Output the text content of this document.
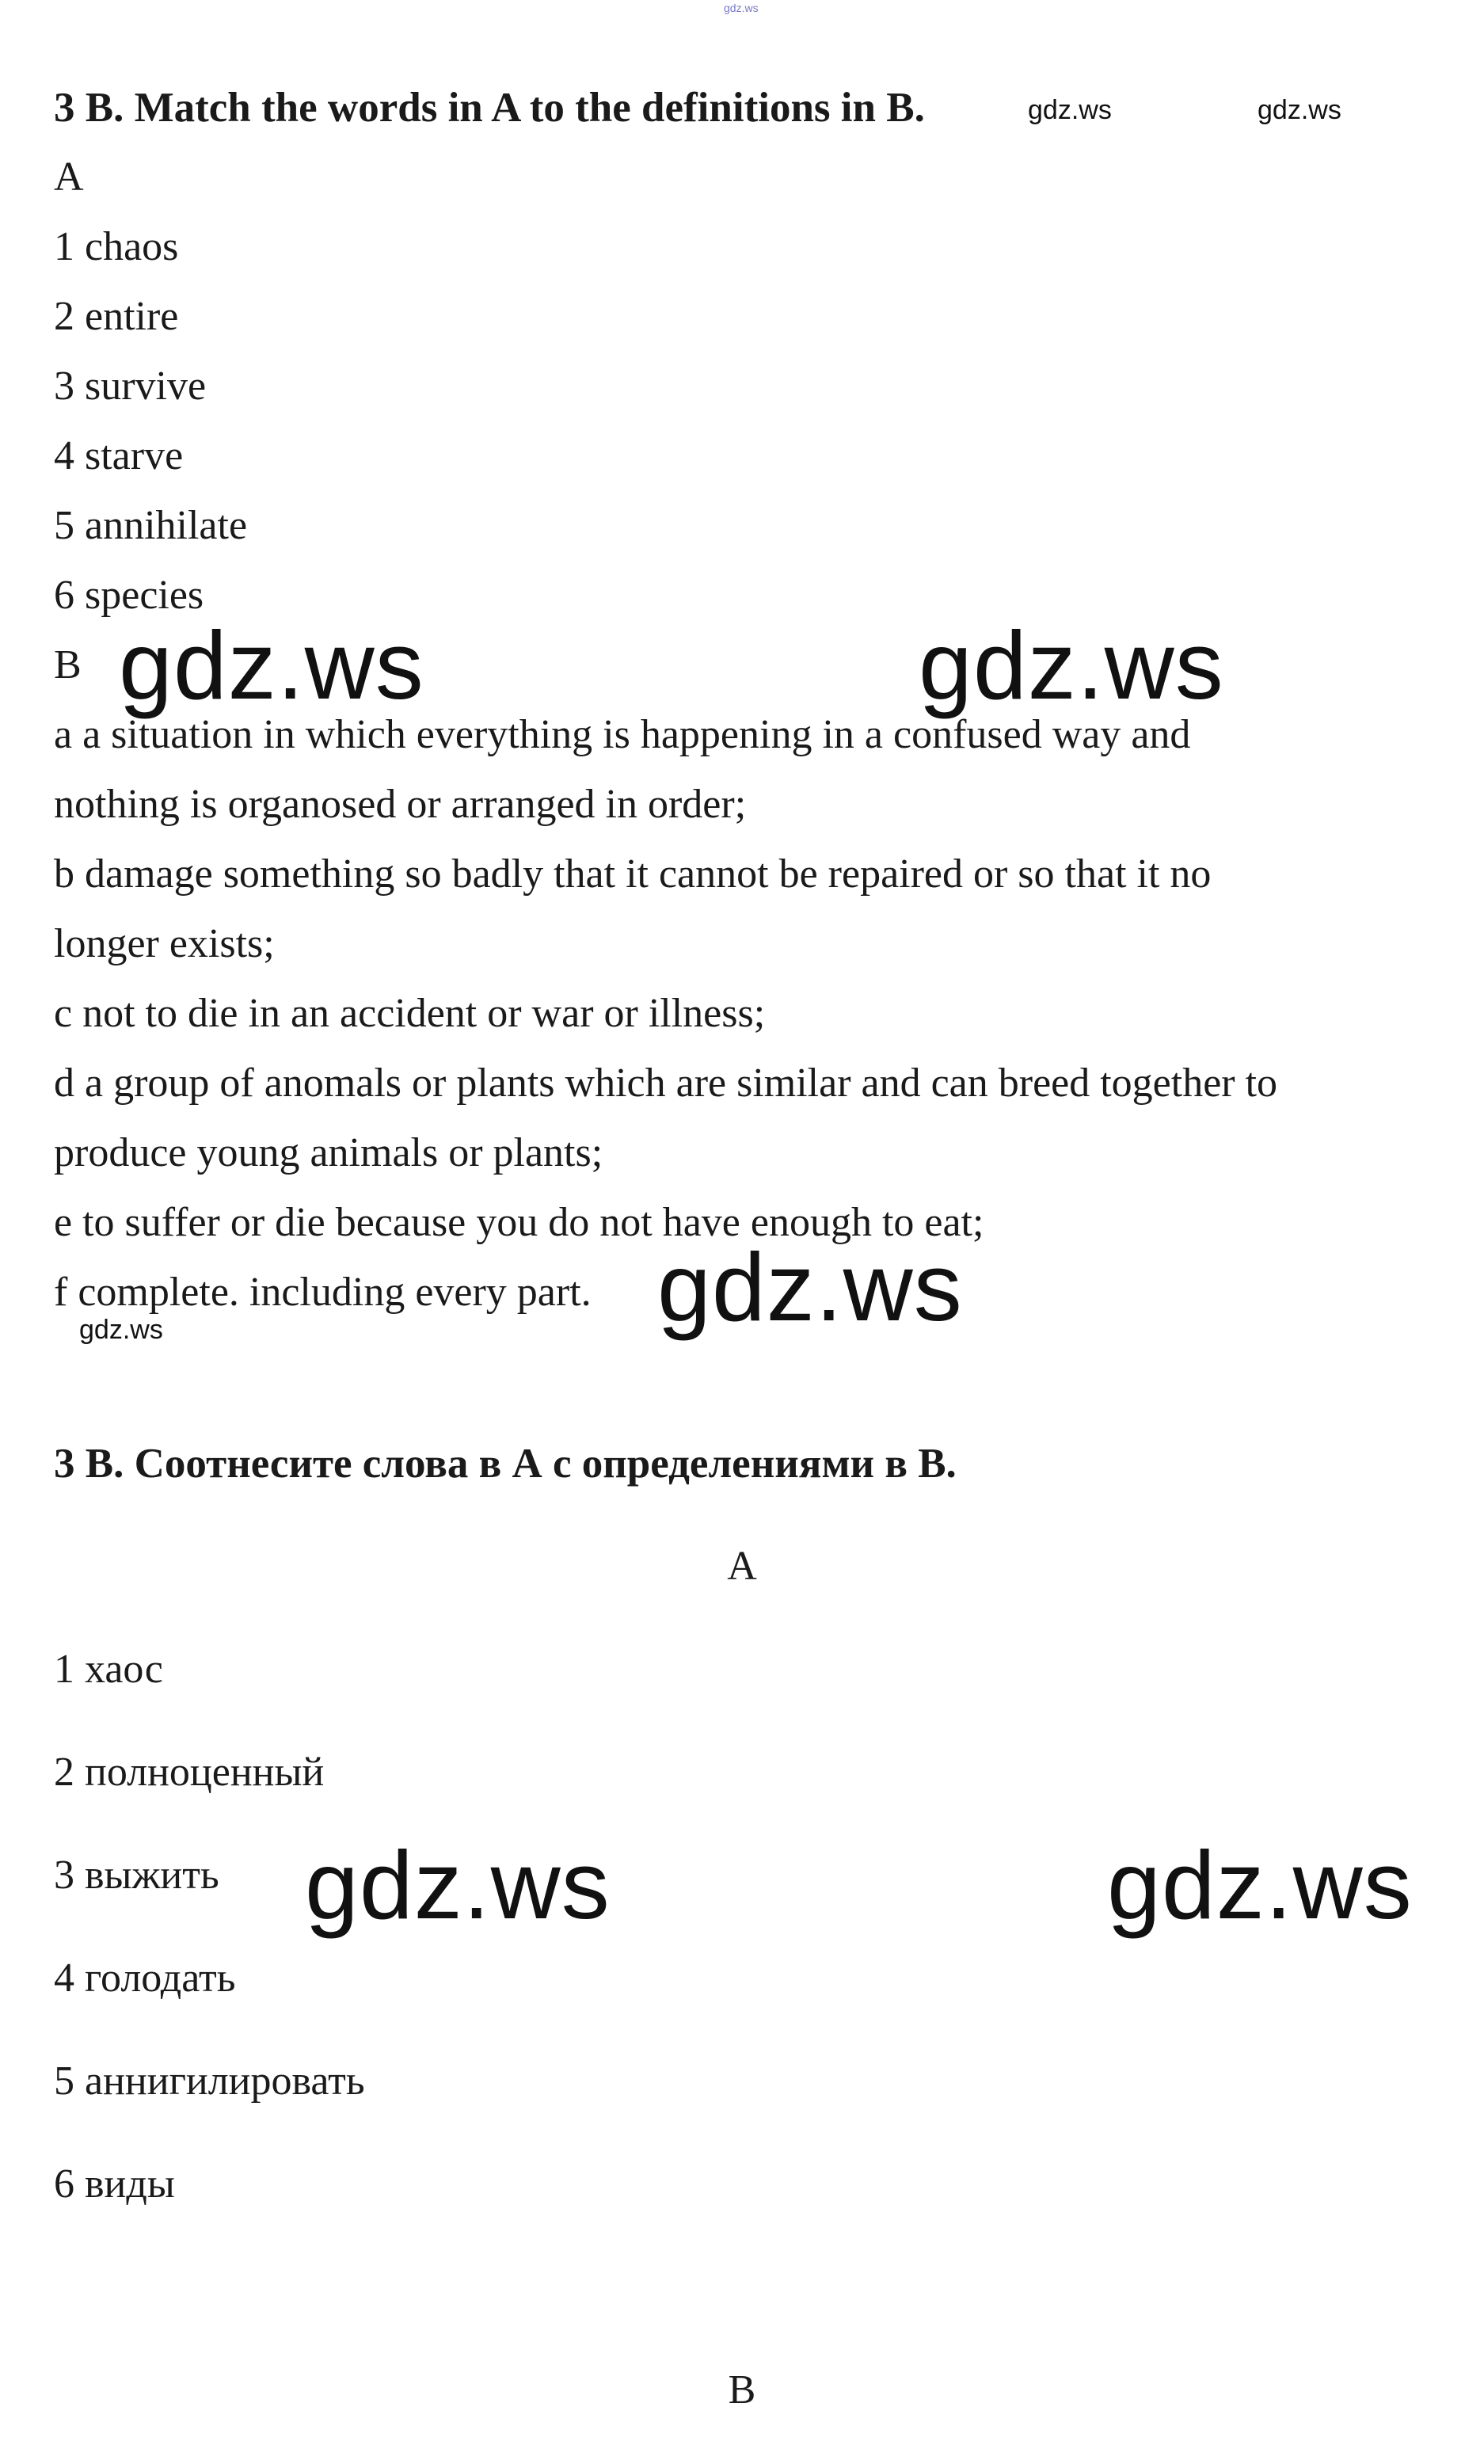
gdz.ws
3 B. Match the words in A to the definitions in B.	gdz.ws	gdz.ws
A
1 chaos
2 entire
3 survive
4 starve
5 annihilate
6 species
B gdz.ws	gdz.ws
a a situation in which everything is happening in a confused way and
nothing is organosed or arranged in order;
b damage something so badly that it cannot be repaired or so that it no
longer exists;
c not to die in an accident or war or illness;
d a group of anomals or plants which are similar and can breed together to
produce young animals or plants;
e to suffer or die because you do not have enough to eat;
f complete. including every part. gdz.ws
gdz.ws
3 B. Соотнесите слова в А с определениями в В.
А
1 хаос
2 полноценный
3 выжить
4 голодать
5 аннигилировать
6 виды
gdz.ws	gdz.ws
В
